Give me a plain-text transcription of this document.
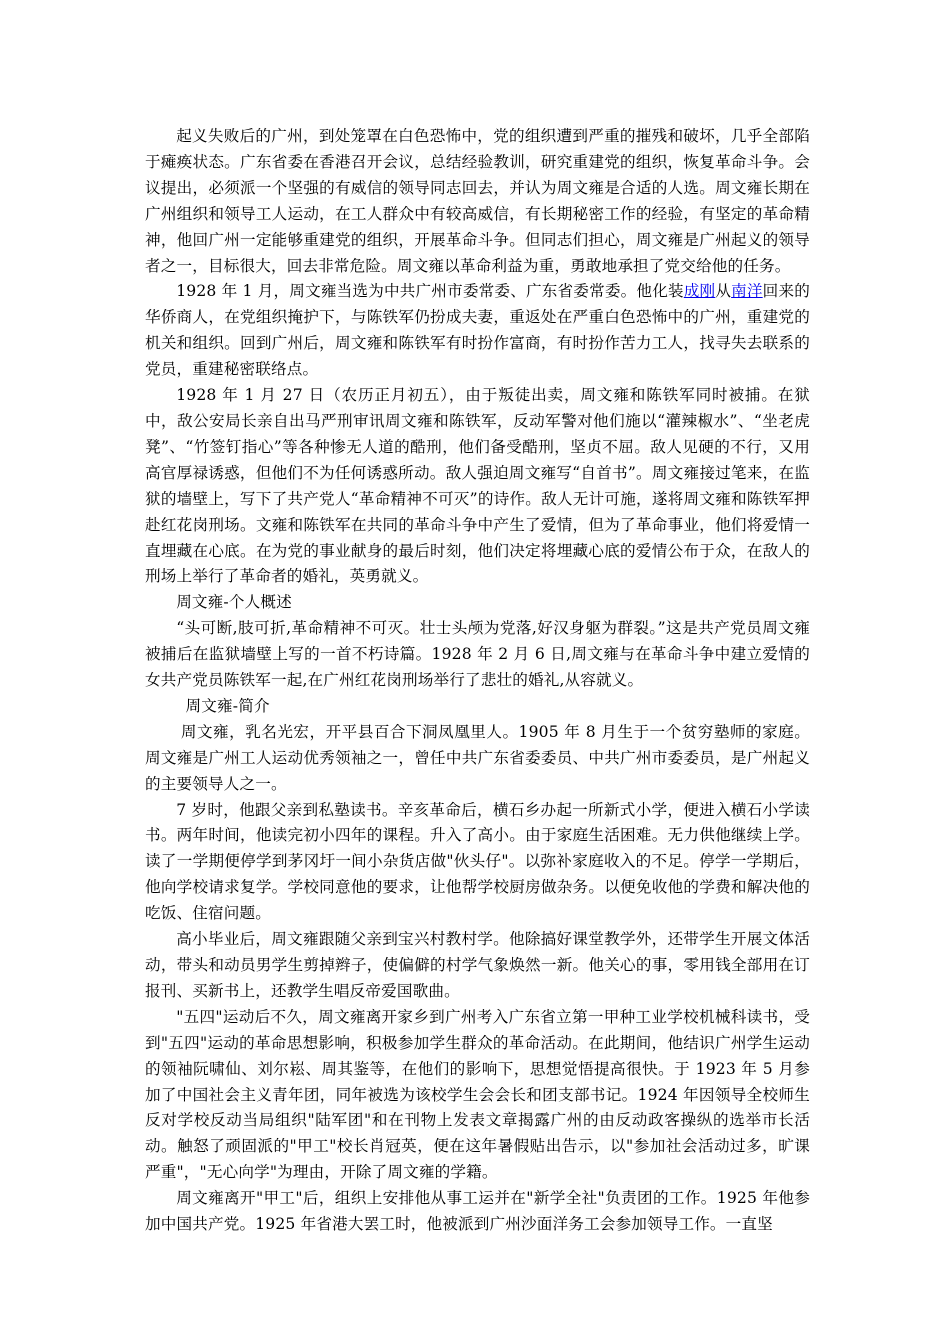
起义失败后的广州，到处笼罩在白色恐怖中，党的组织遭到严重的摧残和破坏，几乎全部陷于瘫痪状态。广东省委在香港召开会议，总结经验教训，研究重建党的组织，恢复革命斗争。会议提出，必须派一个坚强的有威信的领导同志回去，并认为周文雍是合适的人选。周文雍长期在广州组织和领导工人运动，在工人群众中有较高威信，有长期秘密工作的经验，有坚定的革命精神，他回广州一定能够重建党的组织，开展革命斗争。但同志们担心，周文雍是广州起义的领导者之一，目标很大，回去非常危险。周文雍以革命利益为重，勇敢地承担了党交给他的任务。

1928 年 1 月，周文雍当选为中共广州市委常委、广东省委常委。他化装成刚从南洋回来的华侨商人，在党组织掩护下，与陈铁军仍扮成夫妻，重返处在严重白色恐怖中的广州，重建党的机关和组织。回到广州后，周文雍和陈铁军有时扮作富商，有时扮作苦力工人，找寻失去联系的党员，重建秘密联络点。

1928 年 1 月 27 日（农历正月初五），由于叛徒出卖，周文雍和陈铁军同时被捕。在狱中，敌公安局长亲自出马严刑审讯周文雍和陈铁军，反动军警对他们施以“灌辣椒水”、“坐老虎凳”、“竹签钉指心”等各种惨无人道的酷刑，他们备受酷刑，坚贞不屈。敌人见硬的不行，又用高官厚禄诱惑，但他们不为任何诱惑所动。敌人强迫周文雍写“自首书”。周文雍接过笔来，在监狱的墙壁上，写下了共产党人“革命精神不可灭”的诗作。敌人无计可施，遂将周文雍和陈铁军押赴红花岗刑场。文雍和陈铁军在共同的革命斗争中产生了爱情，但为了革命事业，他们将爱情一直埋藏在心底。在为党的事业献身的最后时刻，他们决定将埋藏心底的爱情公布于众，在敌人的刑场上举行了革命者的婚礼，英勇就义。

周文雍-个人概述

“头可断,肢可折,革命精神不可灭。壮士头颅为党落,好汉身躯为群裂。”这是共产党员周文雍被捕后在监狱墙壁上写的一首不朽诗篇。1928 年 2 月 6 日,周文雍与在革命斗争中建立爱情的女共产党员陈铁军一起,在广州红花岗刑场举行了悲壮的婚礼,从容就义。

周文雍-简介

周文雍，乳名光宏，开平县百合下洞凤凰里人。1905 年 8 月生于一个贫穷塾师的家庭。周文雍是广州工人运动优秀领袖之一，曾任中共广东省委委员、中共广州市委委员，是广州起义的主要领导人之一。

7 岁时，他跟父亲到私塾读书。辛亥革命后，横石乡办起一所新式小学，便进入横石小学读书。两年时间，他读完初小四年的课程。升入了高小。由于家庭生活困难。无力供他继续上学。读了一学期便停学到茅冈圩一间小杂货店做"伙头仔"。以弥补家庭收入的不足。停学一学期后，他向学校请求复学。学校同意他的要求，让他帮学校厨房做杂务。以便免收他的学费和解决他的吃饭、住宿问题。

高小毕业后，周文雍跟随父亲到宝兴村教村学。他除搞好课堂教学外，还带学生开展文体活动，带头和动员男学生剪掉辫子，使偏僻的村学气象焕然一新。他关心的事，零用钱全部用在订报刊、买新书上，还教学生唱反帝爱国歌曲。

"五四"运动后不久，周文雍离开家乡到广州考入广东省立第一甲种工业学校机械科读书，受到"五四"运动的革命思想影响，积极参加学生群众的革命活动。在此期间，他结识广州学生运动的领袖阮啸仙、刘尔崧、周其鉴等，在他们的影响下，思想觉悟提高很快。于 1923 年 5 月参加了中国社会主义青年团，同年被选为该校学生会会长和团支部书记。1924 年因领导全校师生反对学校反动当局组织"陆军团"和在刊物上发表文章揭露广州的由反动政客操纵的选举市长活动。触怒了顽固派的"甲工"校长肖冠英，便在这年暑假贴出告示，以"参加社会活动过多，旷课严重"，"无心向学"为理由，开除了周文雍的学籍。

周文雍离开"甲工"后，组织上安排他从事工运并在"新学全社"负责团的工作。1925 年他参加中国共产党。1925 年省港大罢工时，他被派到广州沙面洋务工会参加领导工作。一直坚
